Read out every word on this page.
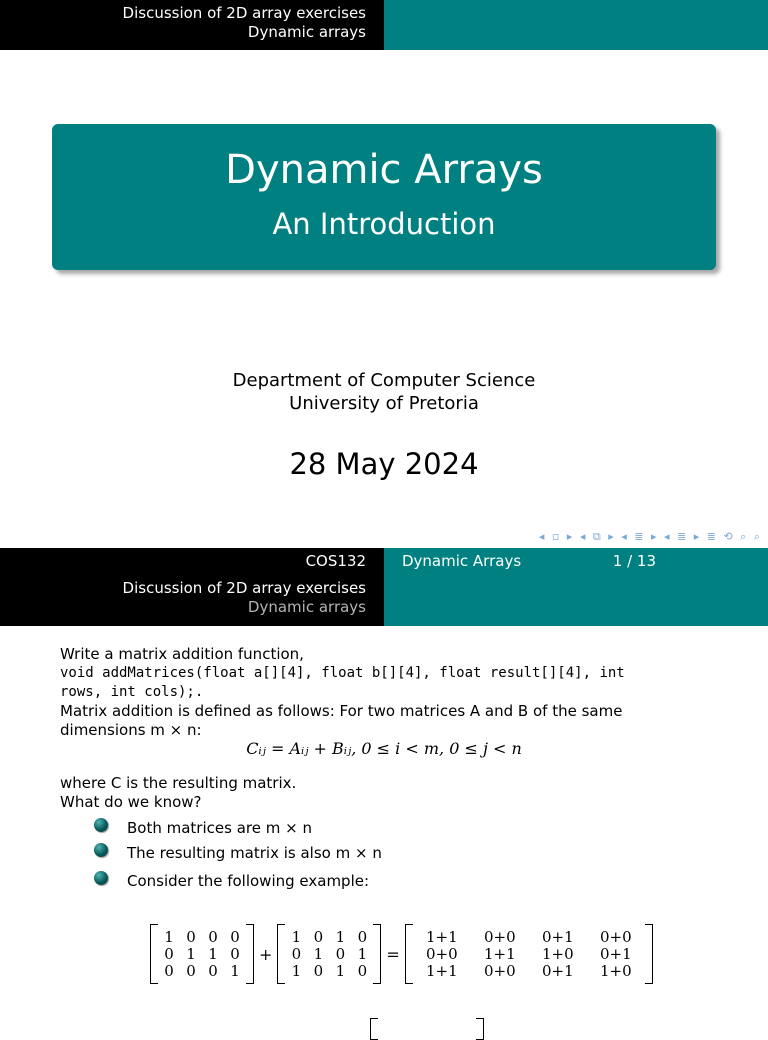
Discussion of 2D array exercises
Dynamic arrays
Dynamic Arrays
An Introduction
Department of Computer Science
University of Pretoria
28 May 2024
◂ ▫ ▸ ◂ ⧉ ▸ ◂ ≣ ▸ ◂ ≣ ▸ ≣ ⟲ ⌕ ⌕
COS132 Dynamic Arrays	1 / 13
Discussion of 2D array exercises
Dynamic arrays
Write a matrix addition function,
void addMatrices(float a[][4], float b[][4], float result[][4], int
rows, int cols);.
Matrix addition is defined as follows: For two matrices A and B of the same
dimensions m × n:
Cᵢⱼ = Aᵢⱼ + Bᵢⱼ, 0 ≤ i < m, 0 ≤ j < n
where C is the resulting matrix.
What do we know?
Both matrices are m × n
The resulting matrix is also m × n
Consider the following example:
1 0 0 0
0 1 1 0
0 0 0 1
+
1 0 1 0
0 1 0 1
1 0 1 0
=
1+1	0+0	0+1	0+0
0+0	1+1	1+0	0+1
1+1	0+0	0+1	1+0
